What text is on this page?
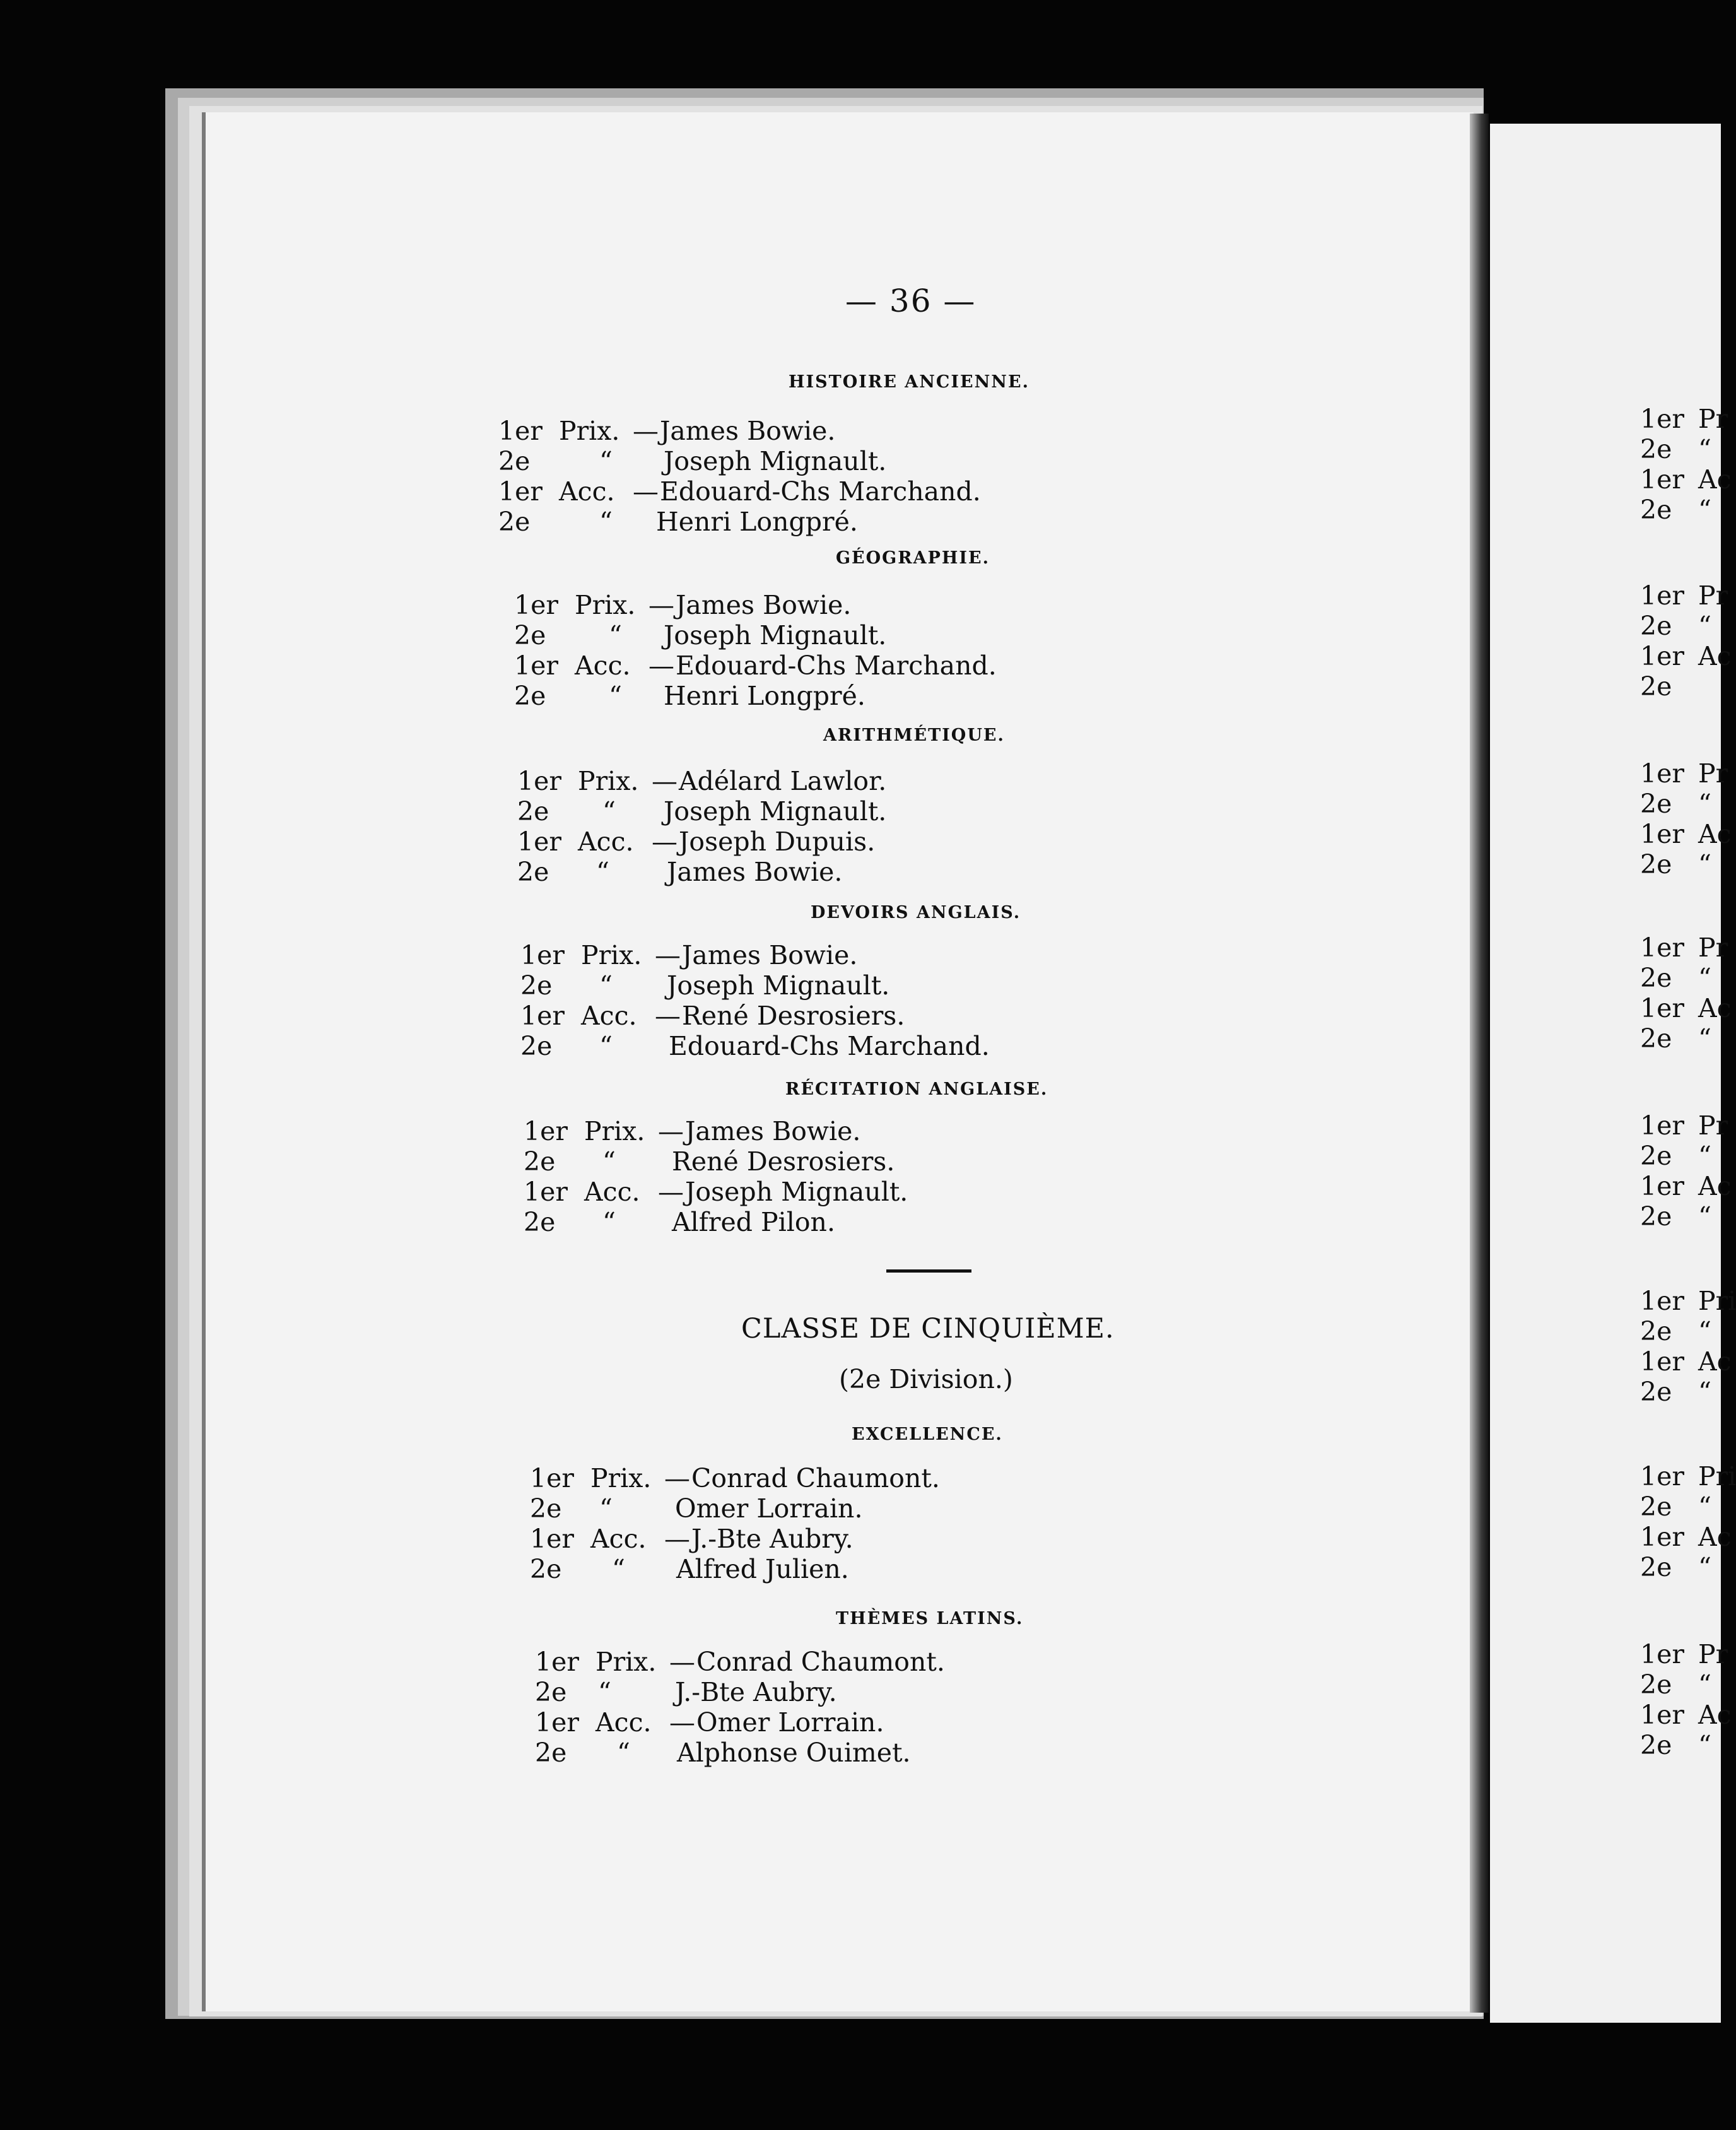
— 36 —
HISTOIRE ANCIENNE.
1er Prix.	— James Bowie.
2e	“ Joseph Mignault.
1er Acc.	— Edouard-Chs Marchand.
2e	“ Henri Longpré.
GÉOGRAPHIE.
1er Prix.	— James Bowie.
2e “ Joseph Mignault.
1er Acc.	— Edouard-Chs Marchand.
2e “ Henri Longpré.
ARITHMÉTIQUE.
1er Prix.	— Adélard Lawlor.
2e “ Joseph Mignault.
1er Acc.	— Joseph Dupuis.
2e “ James Bowie.
DEVOIRS ANGLAIS.
1er Prix.	— James Bowie.
2e “ Joseph Mignault.
1er Acc.	— René Desrosiers.
2e “ Edouard-Chs Marchand.
RÉCITATION ANGLAISE.
1er Prix.	— James Bowie.
2e “ René Desrosiers.
1er Acc.	— Joseph Mignault.
2e “ Alfred Pilon.
CLASSE DE CINQUIÈME.
(2e Division.)
EXCELLENCE.
1er Prix.	— Conrad Chaumont.
2e “ Omer Lorrain.
1er Acc.	— J.-Bte Aubry.
2e “ Alfred Julien.
THÈMES LATINS.
1er Prix.	— Conrad Chaumont.
2e “ J.-Bte Aubry.
1er Acc.	— Omer Lorrain.
2e “ Alphonse Ouimet.
1er Pr
2e “
1er Ac
2e “
1er Pr
2e “
1er Ac
2e
1er Pr
2e “
1er Ac
2e “
1er Pr
2e “
1er Ac
2e “
1er Pr
2e “
1er Ac
2e “
1er Pri
2e “
1er Ac
2e “
1er Pri
2e “
1er Ac
2e “
1er Pr
2e “
1er Ac
2e “
